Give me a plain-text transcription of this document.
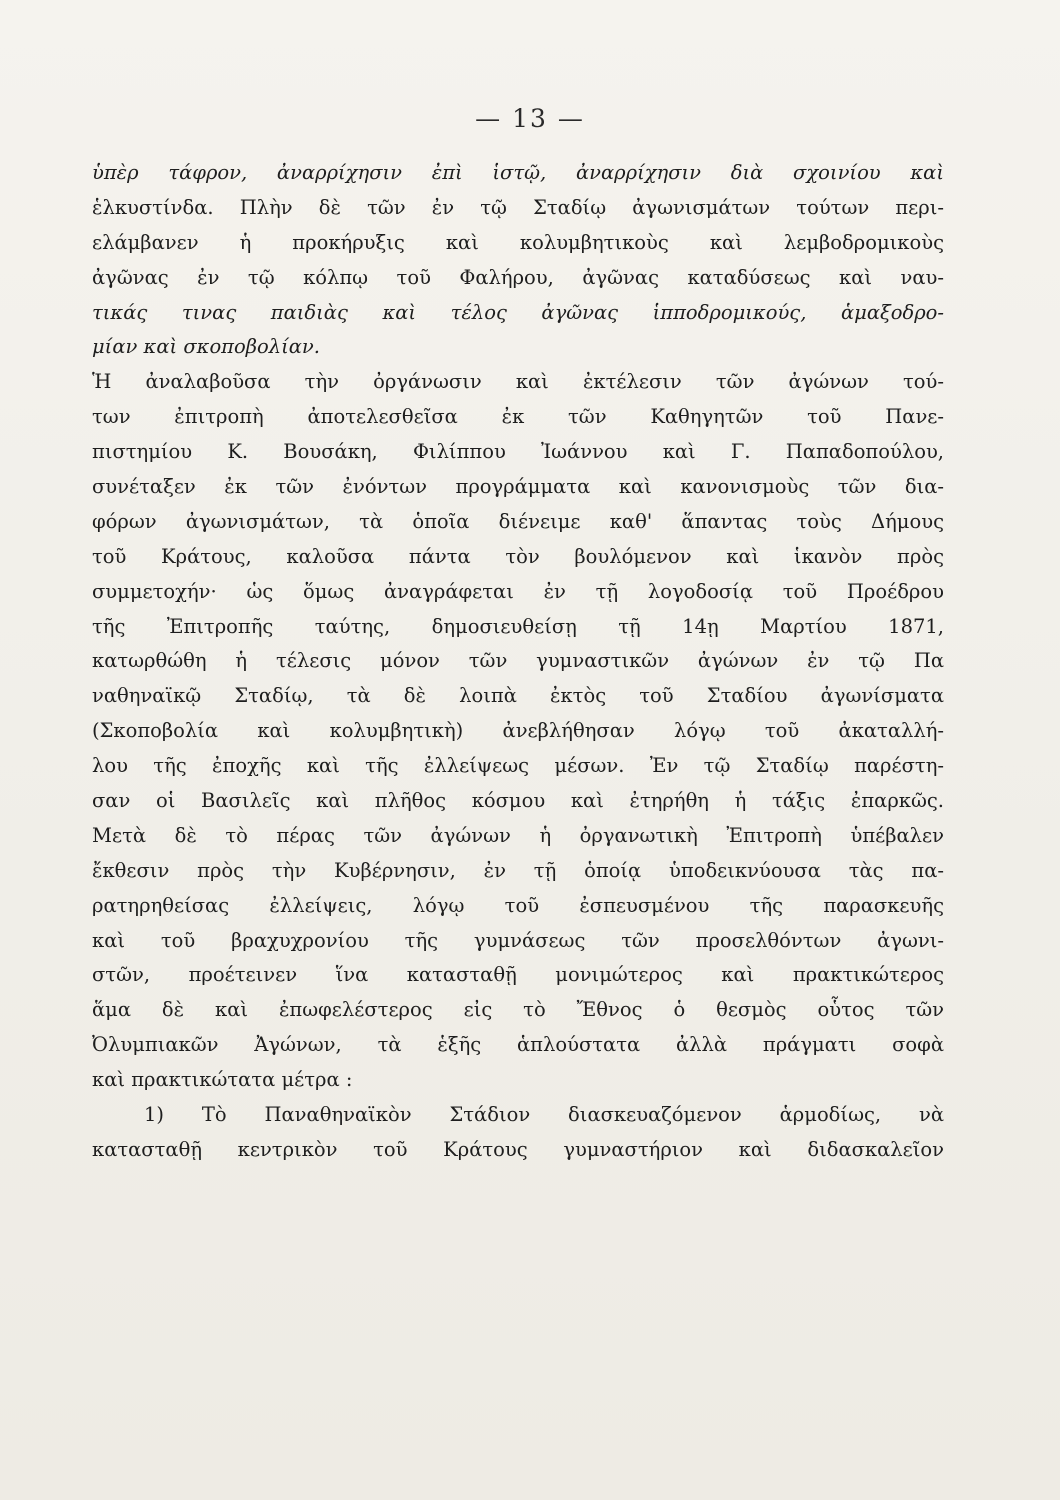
— 13 —
ὑπὲρ τάφρον, ἀναρρίχησιν ἐπὶ ἱστῷ, ἀναρρίχησιν διὰ σχοινίου καὶ
ἑλκυστίνδα. Πλὴν δὲ τῶν ἐν τῷ Σταδίῳ ἀγωνισμάτων τούτων περι-
ελάμβανεν ἡ προκήρυξις καὶ κολυμβητικοὺς καὶ λεμβοδρομικοὺς
ἀγῶνας ἐν τῷ κόλπῳ τοῦ Φαλήρου, ἀγῶνας καταδύσεως καὶ ναυ-
τικάς τινας παιδιὰς καὶ τέλος ἀγῶνας ἱπποδρομικούς, ἁμαξοδρο-
μίαν καὶ σκοποβολίαν.
Ἡ ἀναλαβοῦσα τὴν ὀργάνωσιν καὶ ἐκτέλεσιν τῶν ἀγώνων τού-
των ἐπιτροπὴ ἀποτελεσθεῖσα ἐκ τῶν Καθηγητῶν τοῦ Πανε-
πιστημίου Κ. Βουσάκη, Φιλίππου Ἰωάννου καὶ Γ. Παπαδοπούλου,
συνέταξεν ἐκ τῶν ἐνόντων προγράμματα καὶ κανονισμοὺς τῶν δια-
φόρων ἀγωνισμάτων, τὰ ὁποῖα διένειμε καθ' ἅπαντας τοὺς Δήμους
τοῦ Κράτους, καλοῦσα πάντα τὸν βουλόμενον καὶ ἱκανὸν πρὸς
συμμετοχήν· ὡς ὅμως ἀναγράφεται ἐν τῇ λογοδοσίᾳ τοῦ Προέδρου
τῆς Ἐπιτροπῆς ταύτης, δημοσιευθείσῃ τῇ 14ῃ Μαρτίου 1871,
κατωρθώθη ἡ τέλεσις μόνον τῶν γυμναστικῶν ἀγώνων ἐν τῷ Πα
ναθηναϊκῷ Σταδίῳ, τὰ δὲ λοιπὰ ἐκτὸς τοῦ Σταδίου ἀγωνίσματα
(Σκοποβολία καὶ κολυμβητικὴ) ἀνεβλήθησαν λόγῳ τοῦ ἀκαταλλή-
λου τῆς ἐποχῆς καὶ τῆς ἐλλείψεως μέσων. Ἐν τῷ Σταδίῳ παρέστη-
σαν οἱ Βασιλεῖς καὶ πλῆθος κόσμου καὶ ἐτηρήθη ἡ τάξις ἐπαρκῶς.
Μετὰ δὲ τὸ πέρας τῶν ἀγώνων ἡ ὀργανωτικὴ Ἐπιτροπὴ ὑπέβαλεν
ἔκθεσιν πρὸς τὴν Κυβέρνησιν, ἐν τῇ ὁποίᾳ ὑποδεικνύουσα τὰς πα-
ρατηρηθείσας ἐλλείψεις, λόγῳ τοῦ ἐσπευσμένου τῆς παρασκευῆς
καὶ τοῦ βραχυχρονίου τῆς γυμνάσεως τῶν προσελθόντων ἀγωνι-
στῶν, προέτεινεν ἵνα κατασταθῇ μονιμώτερος καὶ πρακτικώτερος
ἅμα δὲ καὶ ἐπωφελέστερος εἰς τὸ Ἔθνος ὁ θεσμὸς οὗτος τῶν
Ὀλυμπιακῶν Ἀγώνων, τὰ ἑξῆς ἁπλούστατα ἀλλὰ πράγματι σοφὰ
καὶ πρακτικώτατα μέτρα :
1) Τὸ Παναθηναϊκὸν Στάδιον διασκευαζόμενον ἁρμοδίως, νὰ
κατασταθῇ κεντρικὸν τοῦ Κράτους γυμναστήριον καὶ διδασκαλεῖον
